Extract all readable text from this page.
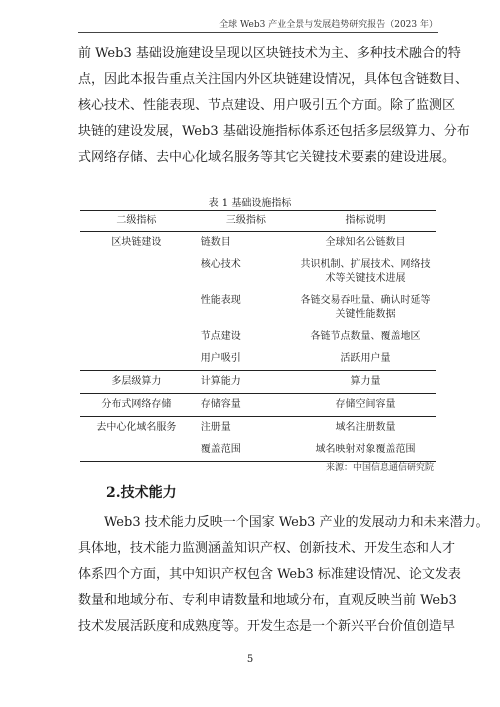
全球 Web3 产业全景与发展趋势研究报告（2023 年）

前 Web3 基础设施建设呈现以区块链技术为主、多种技术融合的特
点，因此本报告重点关注国内外区块链建设情况，具体包含链数目、
核心技术、性能表现、节点建设、用户吸引五个方面。除了监测区
块链的建设发展，Web3 基础设施指标体系还包括多层级算力、分布
式网络存储、去中心化域名服务等其它关键技术要素的建设进展。

表 1 基础设施指标
二级指标	三级指标	指标说明
区块链建设	链数目	全球知名公链数目
	核心技术	共识机制、扩展技术、网络技术等关键技术进展
	性能表现	各链交易吞吐量、确认时延等关键性能数据
	节点建设	各链节点数量、覆盖地区
	用户吸引	活跃用户量
多层级算力	计算能力	算力量
分布式网络存储	存储容量	存储空间容量
去中心化域名服务	注册量	域名注册数量
	覆盖范围	域名映射对象覆盖范围
来源：中国信息通信研究院
2.技术能力

　　Web3 技术能力反映一个国家 Web3 产业的发展动力和未来潜力。
具体地，技术能力监测涵盖知识产权、创新技术、开发生态和人才
体系四个方面，其中知识产权包含 Web3 标准建设情况、论文发表
数量和地域分布、专利申请数量和地域分布，直观反映当前 Web3
技术发展活跃度和成熟度等。开发生态是一个新兴平台价值创造早

5
